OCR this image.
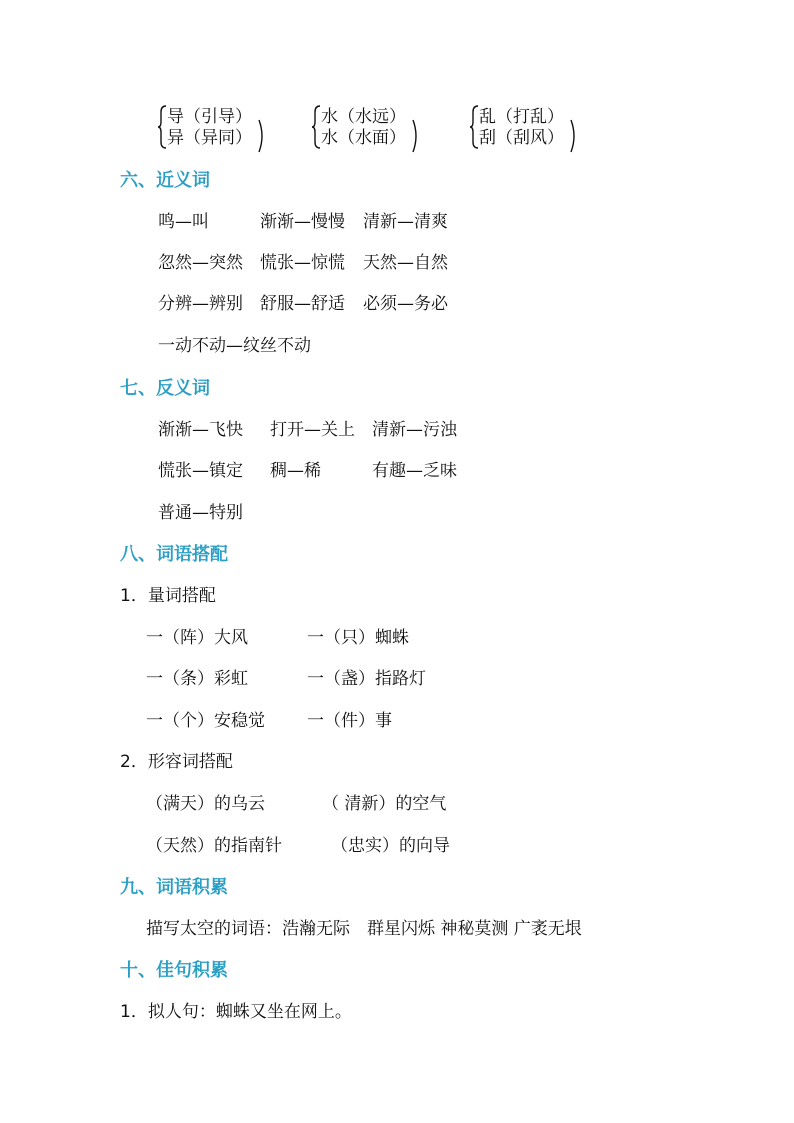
导（引导）
异（异同）
水（水远）
水（水面）
乱（打乱）
刮（刮风）
六、近义词
鸣—叫	渐渐—慢慢 清新—清爽
忽然—突然 慌张—惊慌 天然—自然
分辨—辨别 舒服—舒适 必须—务必
一动不动—纹丝不动
七、反义词
渐渐—飞快 打开—关上 清新—污浊
慌张—镇定 稠—稀	有趣—乏味
普通—特别
八、词语搭配
1．量词搭配
一（阵）大风	一（只）蜘蛛
一（条）彩虹	一（盏）指路灯
一（个）安稳觉 一（件）事
2．形容词搭配
（满天）的乌云	（ 清新）的空气
（天然）的指南针	（忠实）的向导
九、词语积累
描写太空的词语：浩瀚无际　群星闪烁 神秘莫测 广袤无垠
十、佳句积累
1．拟人句：蜘蛛又坐在网上。
